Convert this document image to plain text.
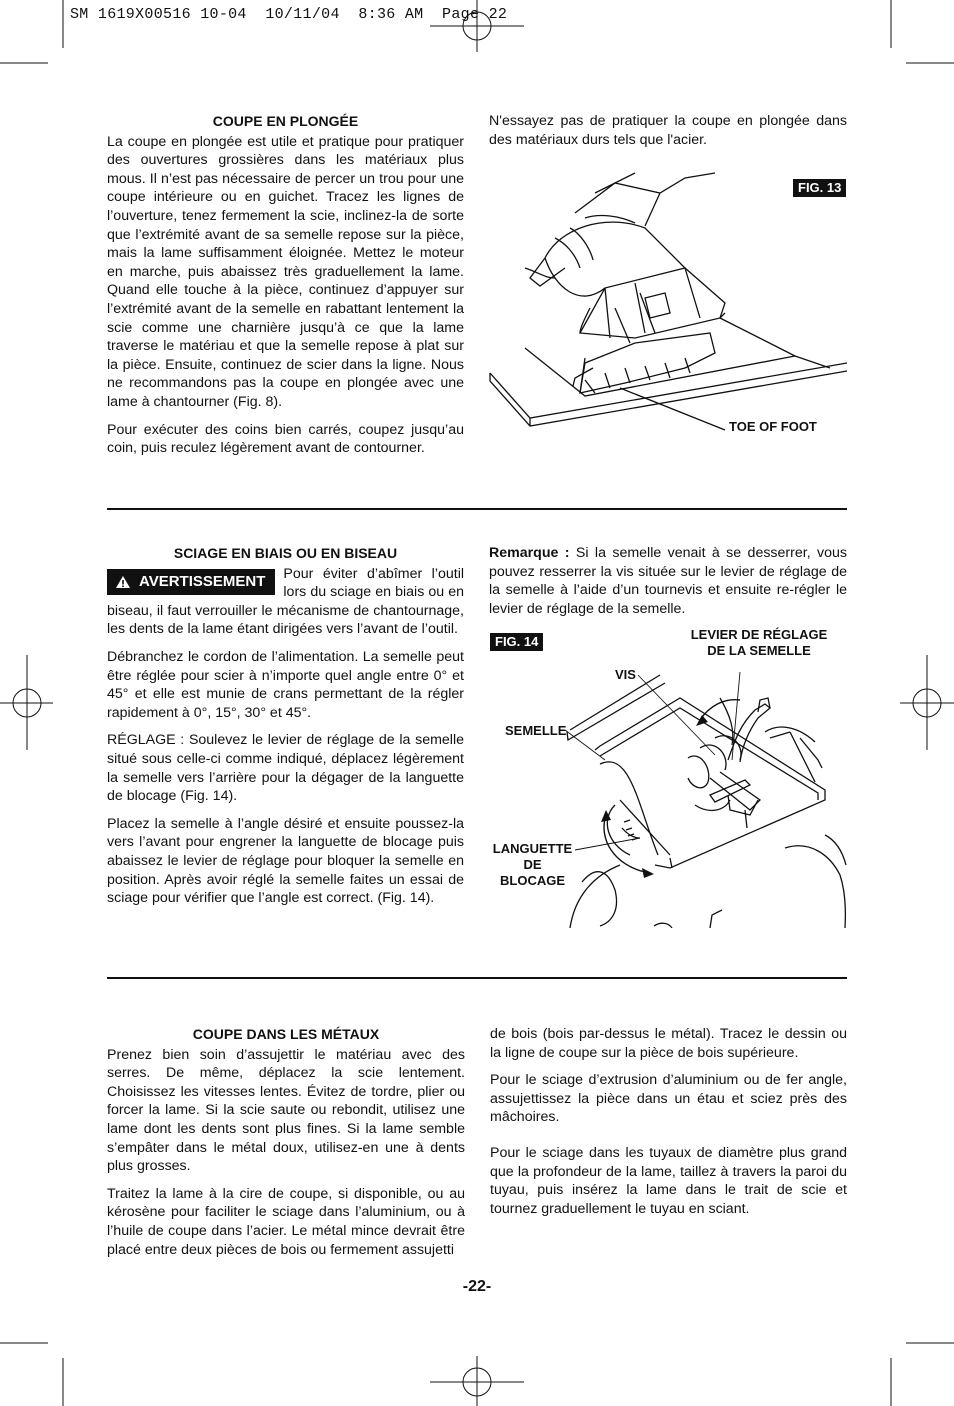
SM 1619X00516 10-04  10/11/04  8:36 AM  Page 22
COUPE EN PLONGÉE

La coupe en plongée est utile et pratique pour pratiquer des ouvertures grossières dans les matériaux plus mous. Il n’est pas nécessaire de percer un trou pour une coupe intérieure ou en guichet. Tracez les lignes de l’ouverture, tenez fermement la scie, inclinez-la de sorte que l’extrémité avant de sa semelle repose sur la pièce, mais la lame suffisamment éloignée. Mettez le moteur en marche, puis abaissez très graduellement la lame. Quand elle touche à la pièce, continuez d’appuyer sur l’extrémité avant de la semelle en rabattant lentement la scie comme une charnière jusqu’à ce que la lame traverse le matériau et que la semelle repose à plat sur la pièce. Ensuite, continuez de scier dans la ligne. Nous ne recommandons pas la coupe en plongée avec une lame à chantourner (Fig. 8).

Pour exécuter des coins bien carrés, coupez jusqu’au coin, puis reculez légèrement avant de contourner.

N'essayez pas de pratiquer la coupe en plongée dans des matériaux durs tels que l'acier.

FIG. 13
TOE OF FOOT
SCIAGE EN BIAIS OU EN BISEAU

AVERTISSEMENT Pour éviter d’abîmer l’outil lors du sciage en biais ou en biseau, il faut verrouiller le mécanisme de chantournage, les dents de la lame étant dirigées vers l’avant de l’outil.

Débranchez le cordon de l’alimentation. La semelle peut être réglée pour scier à n’importe quel angle entre 0° et 45° et elle est munie de crans permettant de la régler rapidement à 0°, 15°, 30° et 45°.

RÉGLAGE : Soulevez le levier de réglage de la semelle situé sous celle-ci comme indiqué, déplacez légèrement la semelle vers l’arrière pour la dégager de la languette de blocage (Fig. 14).

Placez la semelle à l’angle désiré et ensuite poussez-la vers l’avant pour engrener la languette de blocage puis abaissez le levier de réglage pour bloquer la semelle en position. Après avoir réglé la semelle faites un essai de sciage pour vérifier que l’angle est correct. (Fig. 14).

Remarque : Si la semelle venait à se desserrer, vous pouvez resserrer la vis située sur le levier de réglage de la semelle à l’aide d’un tournevis et ensuite re-régler le levier de réglage de la semelle.

FIG. 14	LEVIER DE RÉGLAGE
DE LA SEMELLE
VIS
SEMELLE
LANGUETTE
DE BLOCAGE
COUPE DANS LES MÉTAUX

Prenez bien soin d’assujettir le matériau avec des serres. De même, déplacez la scie lentement. Choisissez les vitesses lentes. Évitez de tordre, plier ou forcer la lame. Si la scie saute ou rebondit, utilisez une lame dont les dents sont plus fines. Si la lame semble s’empâter dans le métal doux, utilisez-en une à dents plus grosses.

Traitez la lame à la cire de coupe, si disponible, ou au kérosène pour faciliter le sciage dans l’aluminium, ou à l’huile de coupe dans l’acier. Le métal mince devrait être placé entre deux pièces de bois ou fermement assujetti

de bois (bois par-dessus le métal). Tracez le dessin ou la ligne de coupe sur la pièce de bois supérieure.

Pour le sciage d’extrusion d’aluminium ou de fer angle, assujettissez la pièce dans un étau et sciez près des mâchoires.

Pour le sciage dans les tuyaux de diamètre plus grand que la profondeur de la lame, taillez à travers la paroi du tuyau, puis insérez la lame dans le trait de scie et tournez graduellement le tuyau en sciant.

-22-
